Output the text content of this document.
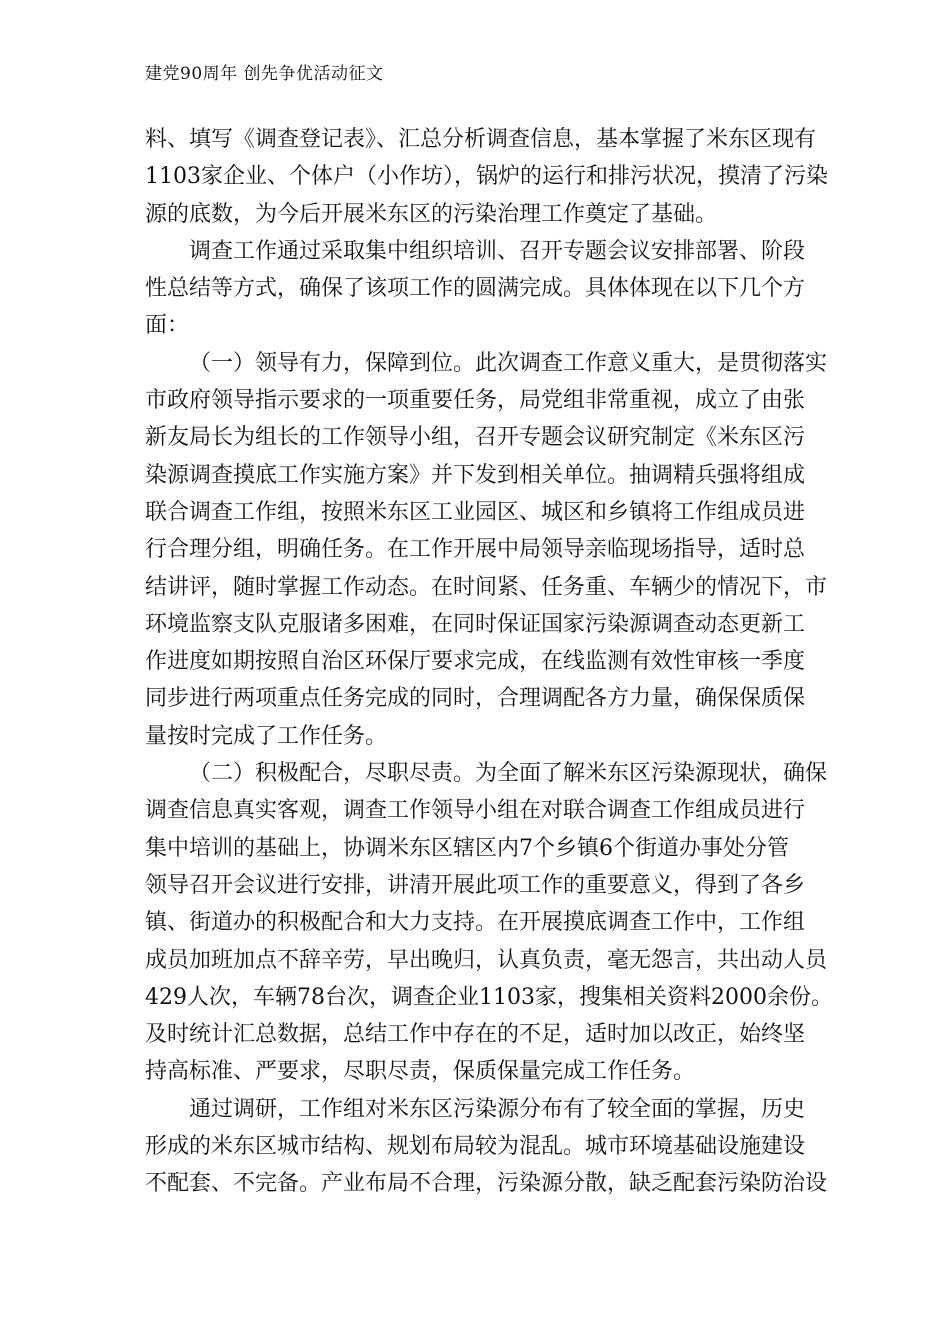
建党90周年 创先争优活动征文
料、填写《调查登记表》、汇总分析调查信息，基本掌握了米东区现有
1103家企业、个体户（小作坊），锅炉的运行和排污状况，摸清了污染
源的底数，为今后开展米东区的污染治理工作奠定了基础。
调查工作通过采取集中组织培训、召开专题会议安排部署、阶段
性总结等方式，确保了该项工作的圆满完成。具体体现在以下几个方
面：
（一）领导有力，保障到位。此次调查工作意义重大，是贯彻落实
市政府领导指示要求的一项重要任务，局党组非常重视，成立了由张
新友局长为组长的工作领导小组，召开专题会议研究制定《米东区污
染源调查摸底工作实施方案》并下发到相关单位。抽调精兵强将组成
联合调查工作组，按照米东区工业园区、城区和乡镇将工作组成员进
行合理分组，明确任务。在工作开展中局领导亲临现场指导，适时总
结讲评，随时掌握工作动态。在时间紧、任务重、车辆少的情况下，市
环境监察支队克服诸多困难，在同时保证国家污染源调查动态更新工
作进度如期按照自治区环保厅要求完成，在线监测有效性审核一季度
同步进行两项重点任务完成的同时，合理调配各方力量，确保保质保
量按时完成了工作任务。
（二）积极配合，尽职尽责。为全面了解米东区污染源现状，确保
调查信息真实客观，调查工作领导小组在对联合调查工作组成员进行
集中培训的基础上，协调米东区辖区内7个乡镇6个街道办事处分管
领导召开会议进行安排，讲清开展此项工作的重要意义，得到了各乡
镇、街道办的积极配合和大力支持。在开展摸底调查工作中，工作组
成员加班加点不辞辛劳，早出晚归，认真负责，毫无怨言，共出动人员
429人次，车辆78台次，调查企业1103家，搜集相关资料2000余份。
及时统计汇总数据，总结工作中存在的不足，适时加以改正，始终坚
持高标准、严要求，尽职尽责，保质保量完成工作任务。
通过调研，工作组对米东区污染源分布有了较全面的掌握，历史
形成的米东区城市结构、规划布局较为混乱。城市环境基础设施建设
不配套、不完备。产业布局不合理，污染源分散，缺乏配套污染防治设
